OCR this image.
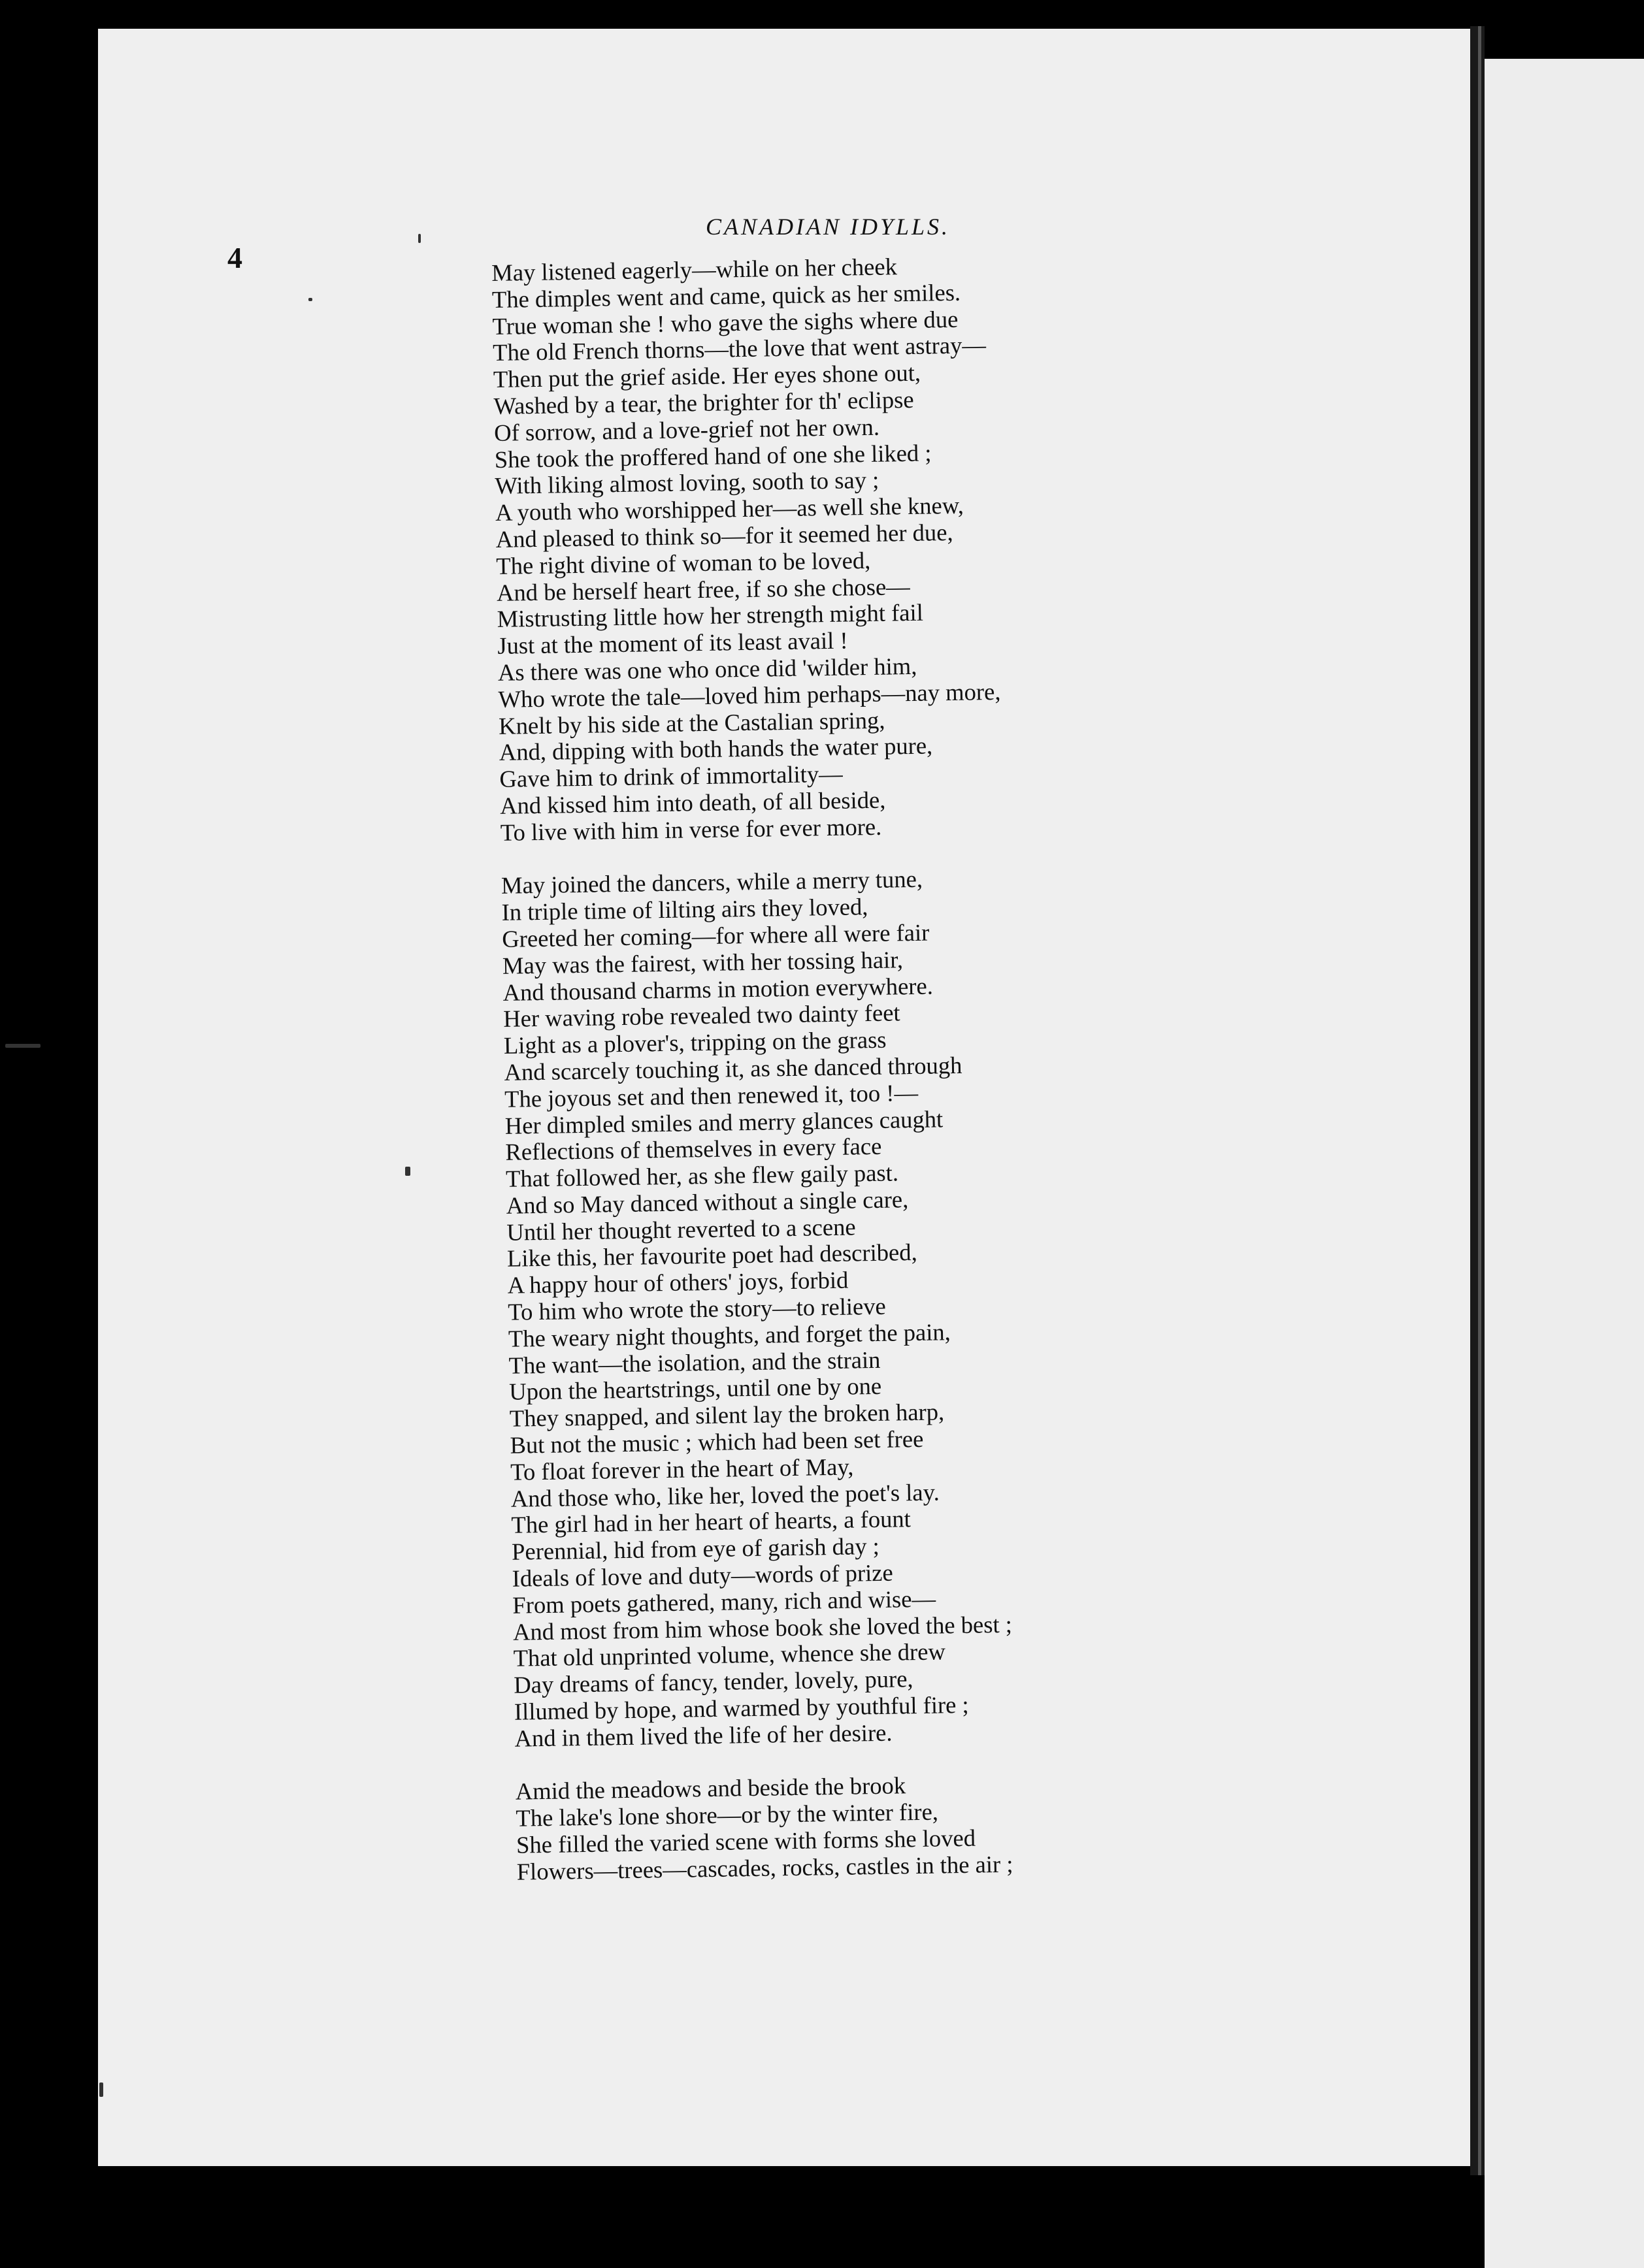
4
CANADIAN IDYLLS.
May listened eagerly—while on her cheek
The dimples went and came, quick as her smiles.
True woman she ! who gave the sighs where due
The old French thorns—the love that went astray—
Then put the grief aside. Her eyes shone out,
Washed by a tear, the brighter for th' eclipse
Of sorrow, and a love-grief not her own.
She took the proffered hand of one she liked ;
With liking almost loving, sooth to say ;
A youth who worshipped her—as well she knew,
And pleased to think so—for it seemed her due,
The right divine of woman to be loved,
And be herself heart free, if so she chose—
Mistrusting little how her strength might fail
Just at the moment of its least avail !
As there was one who once did 'wilder him,
Who wrote the tale—loved him perhaps—nay more,
Knelt by his side at the Castalian spring,
And, dipping with both hands the water pure,
Gave him to drink of immortality—
And kissed him into death, of all beside,
To live with him in verse for ever more.
May joined the dancers, while a merry tune,
In triple time of lilting airs they loved,
Greeted her coming—for where all were fair
May was the fairest, with her tossing hair,
And thousand charms in motion everywhere.
Her waving robe revealed two dainty feet
Light as a plover's, tripping on the grass
And scarcely touching it, as she danced through
The joyous set and then renewed it, too !—
Her dimpled smiles and merry glances caught
Reflections of themselves in every face
That followed her, as she flew gaily past.
And so May danced without a single care,
Until her thought reverted to a scene
Like this, her favourite poet had described,
A happy hour of others' joys, forbid
To him who wrote the story—to relieve
The weary night thoughts, and forget the pain,
The want—the isolation, and the strain
Upon the heartstrings, until one by one
They snapped, and silent lay the broken harp,
But not the music ; which had been set free
To float forever in the heart of May,
And those who, like her, loved the poet's lay.
The girl had in her heart of hearts, a fount
Perennial, hid from eye of garish day ;
Ideals of love and duty—words of prize
From poets gathered, many, rich and wise—
And most from him whose book she loved the best ;
That old unprinted volume, whence she drew
Day dreams of fancy, tender, lovely, pure,
Illumed by hope, and warmed by youthful fire ;
And in them lived the life of her desire.
Amid the meadows and beside the brook
The lake's lone shore—or by the winter fire,
She filled the varied scene with forms she loved
Flowers—trees—cascades, rocks, castles in the air ;
